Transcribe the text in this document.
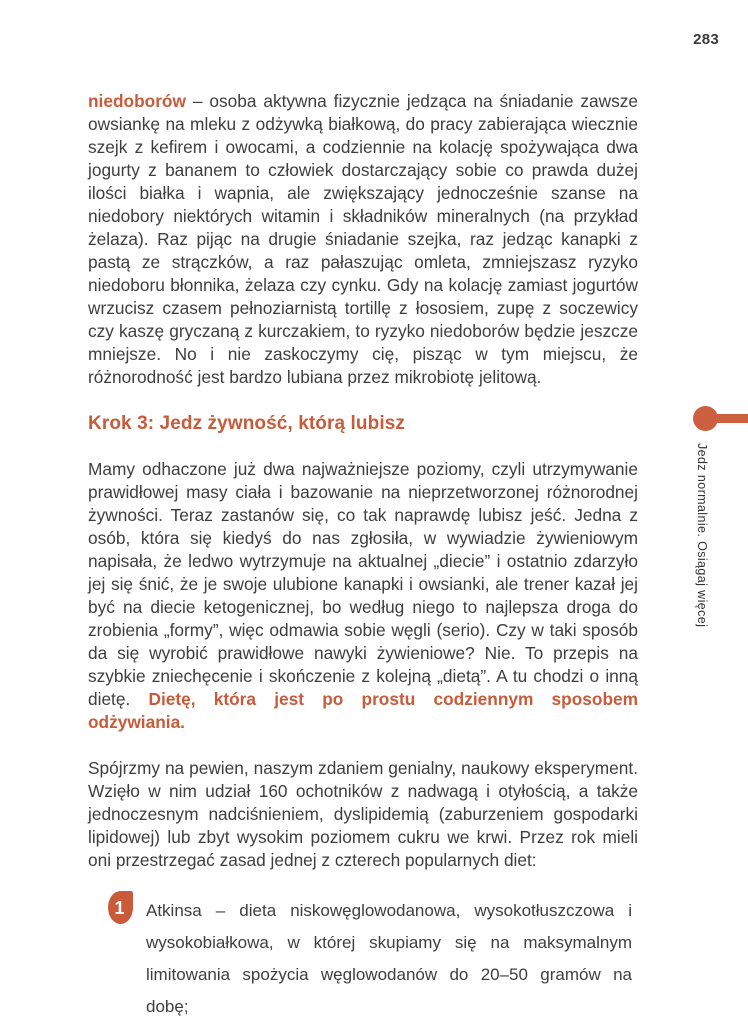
283
Jedz normalnie. Osiągaj więcej

niedoborów – osoba aktywna fizycznie jedząca na śniadanie zawsze owsiankę na mleku z odżywką białkową, do pracy zabierająca wiecznie szejk z kefirem i owocami, a codziennie na kolację spożywająca dwa jogurty z bananem to człowiek dostarczający sobie co prawda dużej ilości białka i wapnia, ale zwiększający jednocześnie szanse na niedobory niektórych witamin i składników mineralnych (na przykład żelaza). Raz pijąc na drugie śniadanie szejka, raz jedząc kanapki z pastą ze strączków, a raz pałaszując omleta, zmniejszasz ryzyko niedoboru błonnika, żelaza czy cynku. Gdy na kolację zamiast jogurtów wrzucisz czasem pełnoziarnistą tortillę z łososiem, zupę z soczewicy czy kaszę gryczaną z kurczakiem, to ryzyko niedoborów będzie jeszcze mniejsze. No i nie zaskoczymy cię, pisząc w tym miejscu, że różnorodność jest bardzo lubiana przez mikrobiotę jelitową.

Krok 3: Jedz żywność, którą lubisz

Mamy odhaczone już dwa najważniejsze poziomy, czyli utrzymywanie prawidłowej masy ciała i bazowanie na nieprzetworzonej różnorodnej żywności. Teraz zastanów się, co tak naprawdę lubisz jeść. Jedna z osób, która się kiedyś do nas zgłosiła, w wywiadzie żywieniowym napisała, że ledwo wytrzymuje na aktualnej „diecie” i ostatnio zdarzyło jej się śnić, że je swoje ulubione kanapki i owsianki, ale trener kazał jej być na diecie ketogenicznej, bo według niego to najlepsza droga do zrobienia „formy”, więc odmawia sobie węgli (serio). Czy w taki sposób da się wyrobić prawidłowe nawyki żywieniowe? Nie. To przepis na szybkie zniechęcenie i skończenie z kolejną „dietą”. A tu chodzi o inną dietę. Dietę, która jest po prostu codziennym sposobem odżywiania.

Spójrzmy na pewien, naszym zdaniem genialny, naukowy eksperyment. Wzięło w nim udział 160 ochotników z nadwagą i otyłością, a także jednoczesnym nadciśnieniem, dyslipidemią (zaburzeniem gospodarki lipidowej) lub zbyt wysokim poziomem cukru we krwi. Przez rok mieli oni przestrzegać zasad jednej z czterech popularnych diet:

1 Atkinsa – dieta niskowęglowodanowa, wysokotłuszczowa i wysokobiałkowa, w której skupiamy się na maksymalnym limitowania spożycia węglowodanów do 20–50 gramów na dobę;
